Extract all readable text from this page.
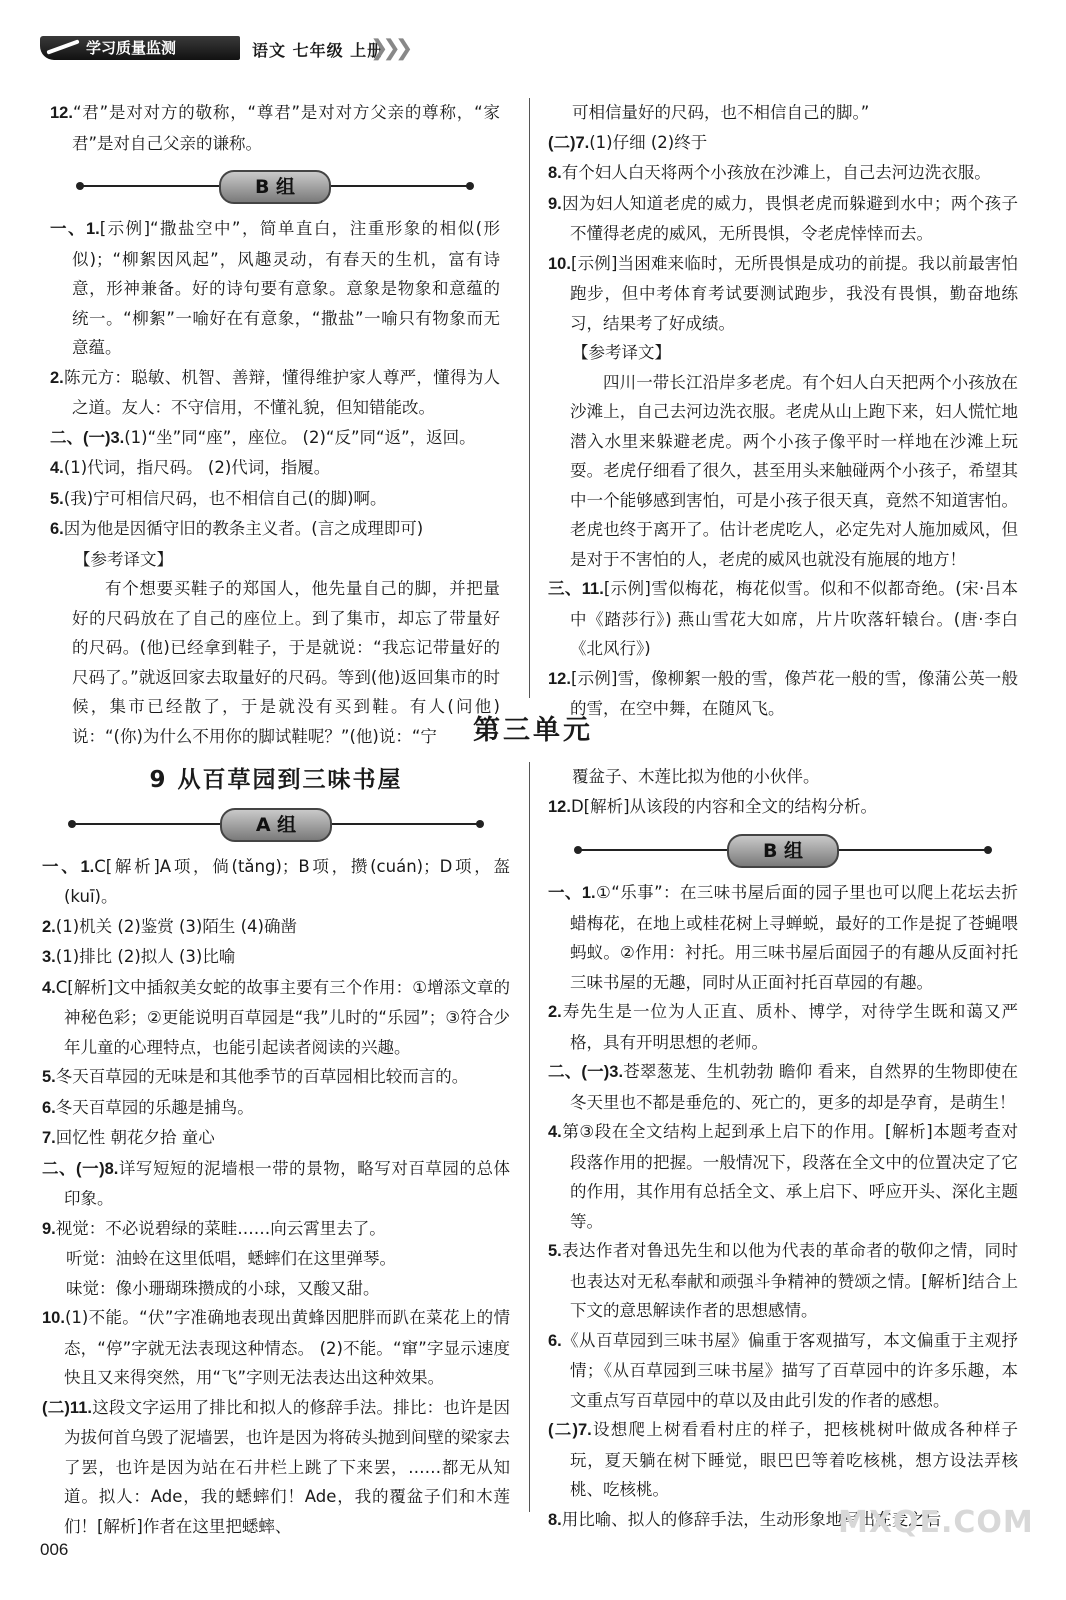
学习质量监测	语文 七年级 上册
❯❯❯

12.“君”是对对方的敬称，“尊君”是对对方父亲的尊称，“家君”是对自己父亲的谦称。

B 组

一、1.[示例]“撒盐空中”，简单直白，注重形象的相似(形似)；“柳絮因风起”，风趣灵动，有春天的生机，富有诗意，形神兼备。好的诗句要有意象。意象是物象和意蕴的统一。“柳絮”一喻好在有意象，“撒盐”一喻只有物象而无意蕴。

2.陈元方：聪敏、机智、善辩，懂得维护家人尊严，懂得为人之道。友人：不守信用，不懂礼貌，但知错能改。

二、(一)3.(1)“坐”同“座”，座位。 (2)“反”同“返”，返回。

4.(1)代词，指尺码。 (2)代词，指履。

5.(我)宁可相信尺码，也不相信自己(的脚)啊。

6.因为他是因循守旧的教条主义者。(言之成理即可)

【参考译文】

有个想要买鞋子的郑国人，他先量自己的脚，并把量好的尺码放在了自己的座位上。到了集市，却忘了带量好的尺码。(他)已经拿到鞋子，于是就说：“我忘记带量好的尺码了。”就返回家去取量好的尺码。等到(他)返回集市的时候，集市已经散了，于是就没有买到鞋。有人(问他)说：“(你)为什么不用你的脚试鞋呢？”(他)说：“宁

可相信量好的尺码，也不相信自己的脚。”

(二)7.(1)仔细 (2)终于

8.有个妇人白天将两个小孩放在沙滩上，自己去河边洗衣服。

9.因为妇人知道老虎的威力，畏惧老虎而躲避到水中；两个孩子不懂得老虎的威风，无所畏惧，令老虎悻悻而去。

10.[示例]当困难来临时，无所畏惧是成功的前提。我以前最害怕跑步，但中考体育考试要测试跑步，我没有畏惧，勤奋地练习，结果考了好成绩。

【参考译文】

四川一带长江沿岸多老虎。有个妇人白天把两个小孩放在沙滩上，自己去河边洗衣服。老虎从山上跑下来，妇人慌忙地潜入水里来躲避老虎。两个小孩子像平时一样地在沙滩上玩耍。老虎仔细看了很久，甚至用头来触碰两个小孩子，希望其中一个能够感到害怕，可是小孩子很天真，竟然不知道害怕。老虎也终于离开了。估计老虎吃人，必定先对人施加威风，但是对于不害怕的人，老虎的威风也就没有施展的地方！

三、11.[示例]雪似梅花，梅花似雪。似和不似都奇绝。(宋·吕本中《踏莎行》) 燕山雪花大如席，片片吹落轩辕台。(唐·李白《北风行》)

12.[示例]雪，像柳絮一般的雪，像芦花一般的雪，像蒲公英一般的雪，在空中舞，在随风飞。

第三单元
9 从百草园到三味书屋
A 组

一、1.C[解析]A项，倘(tǎng)；B项，攒(cuán)；D项，盔(kuī)。

2.(1)机关 (2)鉴赏 (3)陌生 (4)确凿

3.(1)排比 (2)拟人 (3)比喻

4.C[解析]文中插叙美女蛇的故事主要有三个作用：①增添文章的神秘色彩；②更能说明百草园是“我”儿时的“乐园”；③符合少年儿童的心理特点，也能引起读者阅读的兴趣。

5.冬天百草园的无味是和其他季节的百草园相比较而言的。

6.冬天百草园的乐趣是捕鸟。

7.回忆性 朝花夕拾 童心

二、(一)8.详写短短的泥墙根一带的景物，略写对百草园的总体印象。

9.视觉：不必说碧绿的菜畦……向云霄里去了。

听觉：油蛉在这里低唱，蟋蟀们在这里弹琴。

味觉：像小珊瑚珠攒成的小球，又酸又甜。

10.(1)不能。“伏”字准确地表现出黄蜂因肥胖而趴在菜花上的情态，“停”字就无法表现这种情态。 (2)不能。“窜”字显示速度快且又来得突然，用“飞”字则无法表达出这种效果。

(二)11.这段文字运用了排比和拟人的修辞手法。排比：也许是因为拔何首乌毁了泥墙罢，也许是因为将砖头抛到间壁的梁家去了罢，也许是因为站在石井栏上跳了下来罢，……都无从知道。拟人：Ade，我的蟋蟀们！Ade，我的覆盆子们和木莲们！[解析]作者在这里把蟋蟀、

覆盆子、木莲比拟为他的小伙伴。

12.D[解析]从该段的内容和全文的结构分析。

B 组

一、1.①“乐事”：在三味书屋后面的园子里也可以爬上花坛去折蜡梅花，在地上或桂花树上寻蝉蜕，最好的工作是捉了苍蝇喂蚂蚁。②作用：衬托。用三味书屋后面园子的有趣从反面衬托三味书屋的无趣，同时从正面衬托百草园的有趣。

2.寿先生是一位为人正直、质朴、博学，对待学生既和蔼又严格，具有开明思想的老师。

二、(一)3.苍翠葱茏、生机勃勃 瞻仰 看来，自然界的生物即使在冬天里也不都是垂危的、死亡的，更多的却是孕育，是萌生！

4.第③段在全文结构上起到承上启下的作用。[解析]本题考查对段落作用的把握。一般情况下，段落在全文中的位置决定了它的作用，其作用有总括全文、承上启下、呼应开头、深化主题等。

5.表达作者对鲁迅先生和以他为代表的革命者的敬仰之情，同时也表达对无私奉献和顽强斗争精神的赞颂之情。[解析]结合上下文的意思解读作者的思想感情。

6.《从百草园到三味书屋》偏重于客观描写，本文偏重于主观抒情；《从百草园到三味书屋》描写了百草园中的许多乐趣，本文重点写百草园中的草以及由此引发的作者的感想。

(二)7.设想爬上树看看村庄的样子，把核桃树叶做成各种样子玩，夏天躺在树下睡觉，眼巴巴等着吃核桃，想方设法弄核桃、吃核桃。

8.用比喻、拟人的修辞手法，生动形象地写出在麦之后

006
MXQE.COM
